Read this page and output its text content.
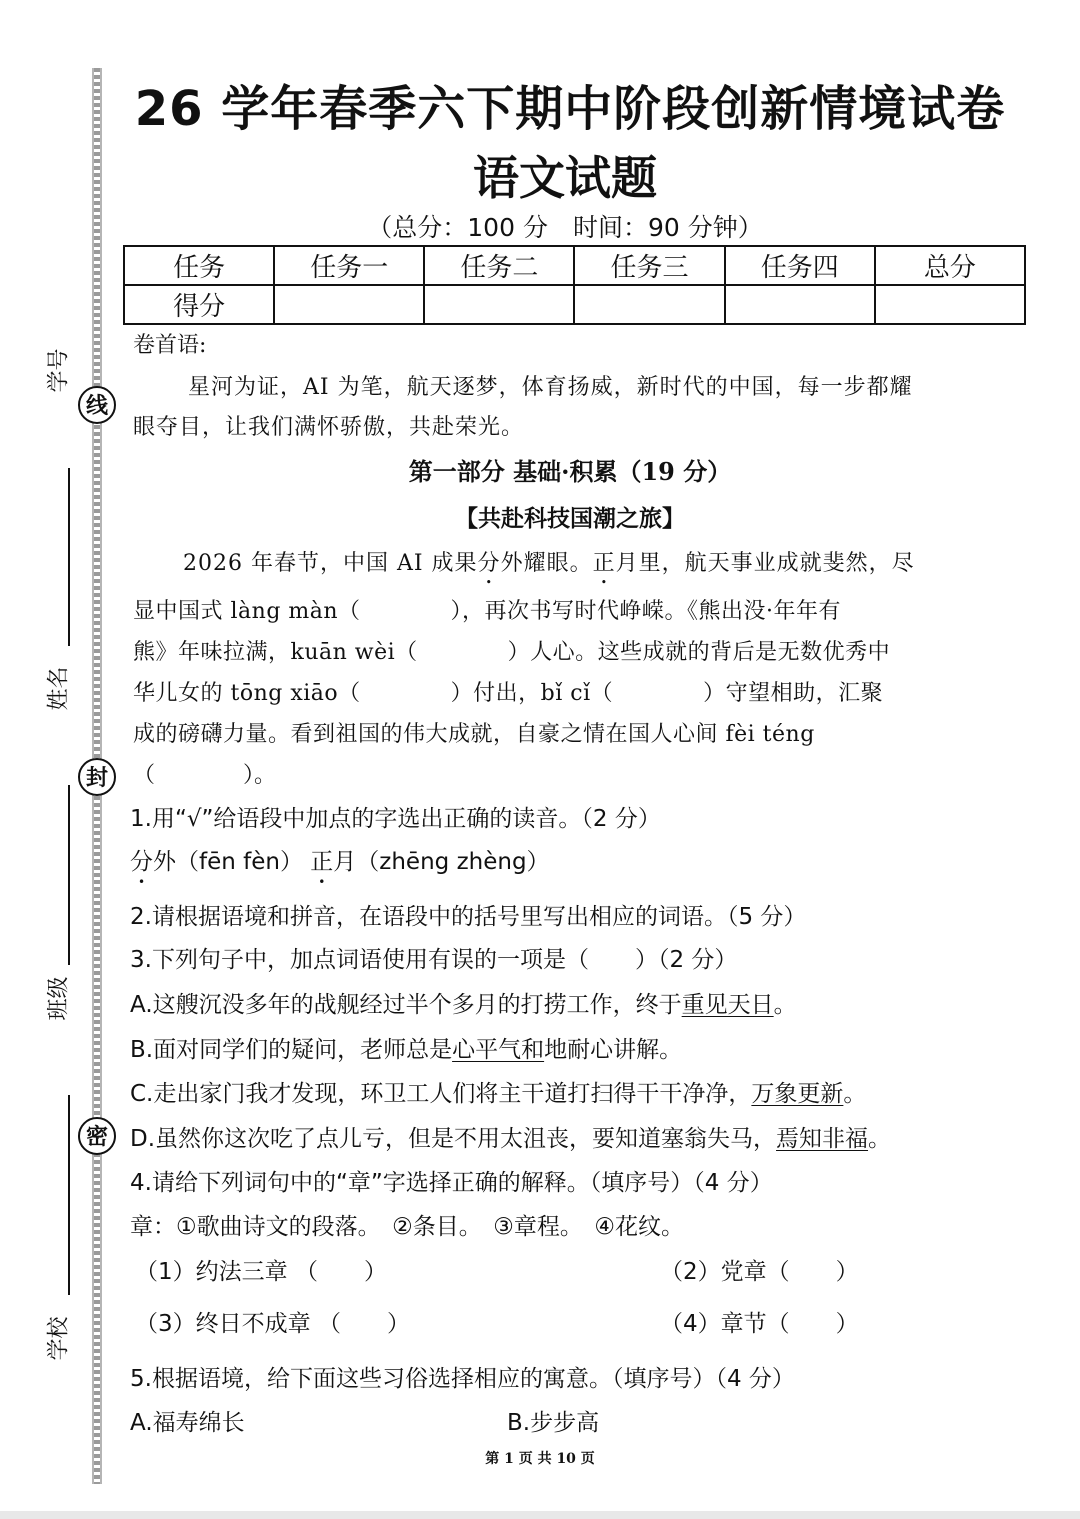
线
封
密
学号
姓名
班级
学校
26 学年春季六下期中阶段创新情境试卷
语文试题
（总分：100 分　时间：90 分钟）
任务	任务一	任务二	任务三	任务四	总分
得分					
卷首语:
星河为证，AI 为笔，航天逐梦，体育扬威，新时代的中国，每一步都耀
眼夺目，让我们满怀骄傲，共赴荣光。
第一部分 基础·积累（19 分）
【共赴科技国潮之旅】
2026 年春节，中国 AI 成果分外耀眼。正月里，航天事业成就斐然，尽
显中国式 làng màn（　　　　），再次书写时代峥嵘。《熊出没·年年有
熊》年味拉满，kuān wèi（　　　　）人心。这些成就的背后是无数优秀中
华儿女的 tōng xiāo（　　　　）付出，bǐ cǐ（　　　　）守望相助，汇聚
成的磅礴力量。看到祖国的伟大成就，自豪之情在国人心间 fèi téng
（　　　　）。
1.用“√”给语段中加点的字选出正确的读音。（2 分）
分外（fēn fèn） 正月（zhēng zhèng）
2.请根据语境和拼音，在语段中的括号里写出相应的词语。（5 分）
3.下列句子中，加点词语使用有误的一项是（　　）（2 分）
A.这艘沉没多年的战舰经过半个多月的打捞工作，终于重见天日。
B.面对同学们的疑问，老师总是心平气和地耐心讲解。
C.走出家门我才发现，环卫工人们将主干道打扫得干干净净，万象更新。
D.虽然你这次吃了点儿亏，但是不用太沮丧，要知道塞翁失马，焉知非福。
4.请给下列词句中的“章”字选择正确的解释。（填序号）（4 分）
章：①歌曲诗文的段落。　②条目。　③章程。　④花纹。
（1）约法三章 （　　）	（2）党章（　　）
（3）终日不成章 （　　）	（4）章节（　　）
5.根据语境，给下面这些习俗选择相应的寓意。（填序号）（4 分）
A.福寿绵长	B.步步高
第 1 页 共 10 页
